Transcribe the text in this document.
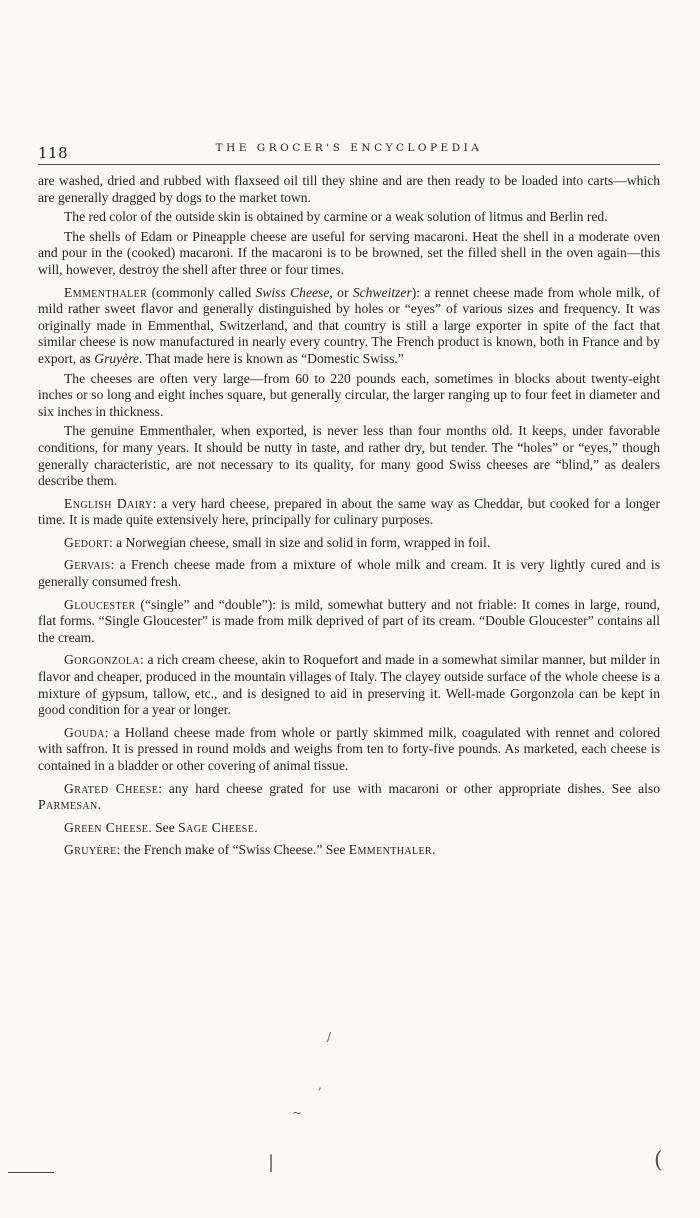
118	THE GROCER'S ENCYCLOPEDIA

are washed, dried and rubbed with flaxseed oil till they shine and are then ready to be loaded into carts—which are generally dragged by dogs to the market town.

The red color of the outside skin is obtained by carmine or a weak solution of litmus and Berlin red.

The shells of Edam or Pineapple cheese are useful for serving macaroni. Heat the shell in a moderate oven and pour in the (cooked) macaroni. If the macaroni is to be browned, set the filled shell in the oven again—this will, however, destroy the shell after three or four times.

Emmenthaler (commonly called Swiss Cheese, or Schweitzer): a rennet cheese made from whole milk, of mild rather sweet flavor and generally distinguished by holes or “eyes” of various sizes and frequency. It was originally made in Emmenthal, Switzerland, and that country is still a large exporter in spite of the fact that similar cheese is now manufactured in nearly every country. The French product is known, both in France and by export, as Gruyère. That made here is known as “Domestic Swiss.”

The cheeses are often very large—from 60 to 220 pounds each, sometimes in blocks about twenty-eight inches or so long and eight inches square, but generally circular, the larger ranging up to four feet in diameter and six inches in thickness.

The genuine Emmenthaler, when exported, is never less than four months old. It keeps, under favorable conditions, for many years. It should be nutty in taste, and rather dry, but tender. The “holes” or “eyes,” though generally characteristic, are not necessary to its quality, for many good Swiss cheeses are “blind,” as dealers describe them.

English Dairy: a very hard cheese, prepared in about the same way as Cheddar, but cooked for a longer time. It is made quite extensively here, principally for culinary purposes.

Gedort: a Norwegian cheese, small in size and solid in form, wrapped in foil.

Gervais: a French cheese made from a mixture of whole milk and cream. It is very lightly cured and is generally consumed fresh.

Gloucester (“single” and “double”): is mild, somewhat buttery and not friable: It comes in large, round, flat forms. “Single Gloucester” is made from milk deprived of part of its cream. “Double Gloucester” contains all the cream.

Gorgonzola: a rich cream cheese, akin to Roquefort and made in a somewhat similar manner, but milder in flavor and cheaper, produced in the mountain villages of Italy. The clayey outside surface of the whole cheese is a mixture of gypsum, tallow, etc., and is designed to aid in preserving it. Well-made Gorgonzola can be kept in good condition for a year or longer.

Gouda: a Holland cheese made from whole or partly skimmed milk, coagulated with rennet and colored with saffron. It is pressed in round molds and weighs from ten to forty-five pounds. As marketed, each cheese is contained in a bladder or other covering of animal tissue.

Grated Cheese: any hard cheese grated for use with macaroni or other appropriate dishes. See also Parmesan.

Green Cheese. See Sage Cheese.

Gruyère: the French make of “Swiss Cheese.” See Emmenthaler.

/
,
~
|	(
